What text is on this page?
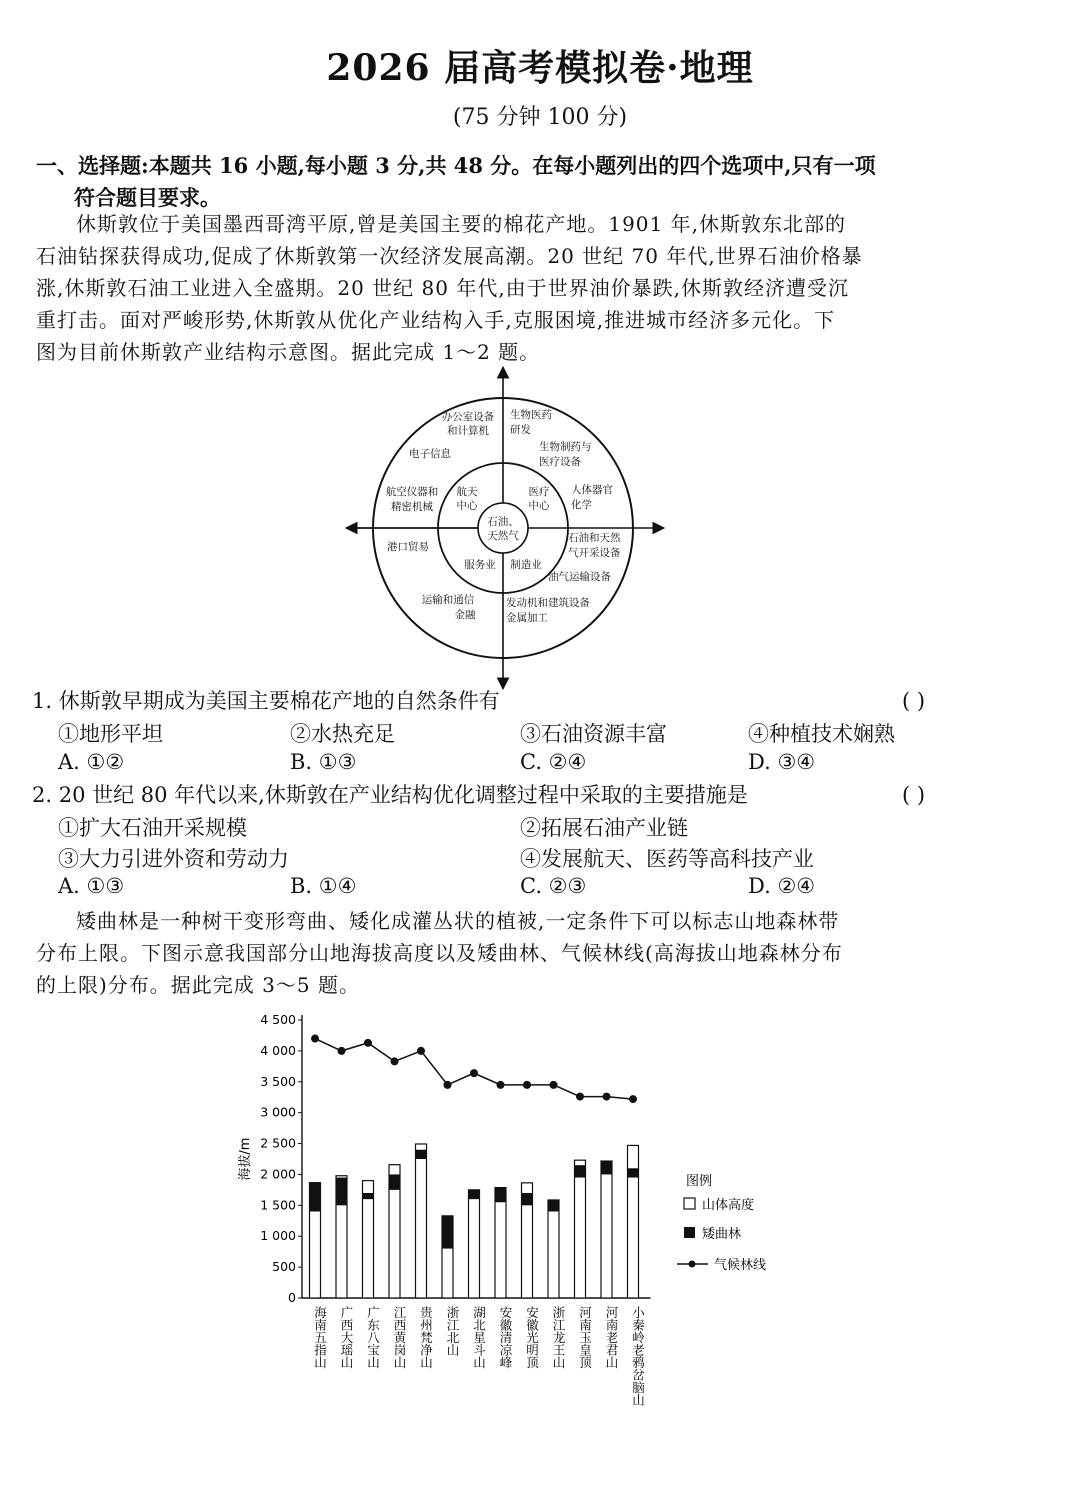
2026 届高考模拟卷·地理
(75 分钟 100 分)
一、选择题:本题共 16 小题,每小题 3 分,共 48 分。在每小题列出的四个选项中,只有一项
符合题目要求。
休斯敦位于美国墨西哥湾平原,曾是美国主要的棉花产地。1901 年,休斯敦东北部的
石油钻探获得成功,促成了休斯敦第一次经济发展高潮。20 世纪 70 年代,世界石油价格暴
涨,休斯敦石油工业进入全盛期。20 世纪 80 年代,由于世界油价暴跌,休斯敦经济遭受沉
重打击。面对严峻形势,休斯敦从优化产业结构入手,克服困境,推进城市经济多元化。下
图为目前休斯敦产业结构示意图。据此完成 1～2 题。
石油、
天然气
航天
中心
医疗
中心
服务业 制造业
办公室设备
和计算机
生物医药
研发
电子信息
生物制药与
医疗设备
航空仪器和
精密机械
人体器官
化学
港口贸易
石油和天然
气开采设备
油气运输设备
运输和通信
金融
发动机和建筑设备
金属加工
1. 休斯敦早期成为美国主要棉花产地的自然条件有	( )
①地形平坦	②水热充足	③石油资源丰富	④种植技术娴熟
A. ①②	B. ①③	C. ②④	D. ③④
2. 20 世纪 80 年代以来,休斯敦在产业结构优化调整过程中采取的主要措施是	( )
①扩大石油开采规模	②拓展石油产业链
③大力引进外资和劳动力	④发展航天、医药等高科技产业
A. ①③	B. ①④	C. ②③	D. ②④
矮曲林是一种树干变形弯曲、矮化成灌丛状的植被,一定条件下可以标志山地森林带
分布上限。下图示意我国部分山地海拔高度以及矮曲林、气候林线(高海拔山地森林分布
的上限)分布。据此完成 3～5 题。
0
500
1 000
1 500
2 000
2 500
3 000
3 500
4 000
4 500
海南五指山 广西大瑶山 广东八宝山 江西黄岗山 贵州梵净山 浙江北山 湖北星斗山 安徽清凉峰 安徽光明顶 浙江龙王山 河南玉皇顶 河南老君山 小秦岭老鸦岔脑山
海拔/m
图例
山体高度
矮曲林
气候林线
